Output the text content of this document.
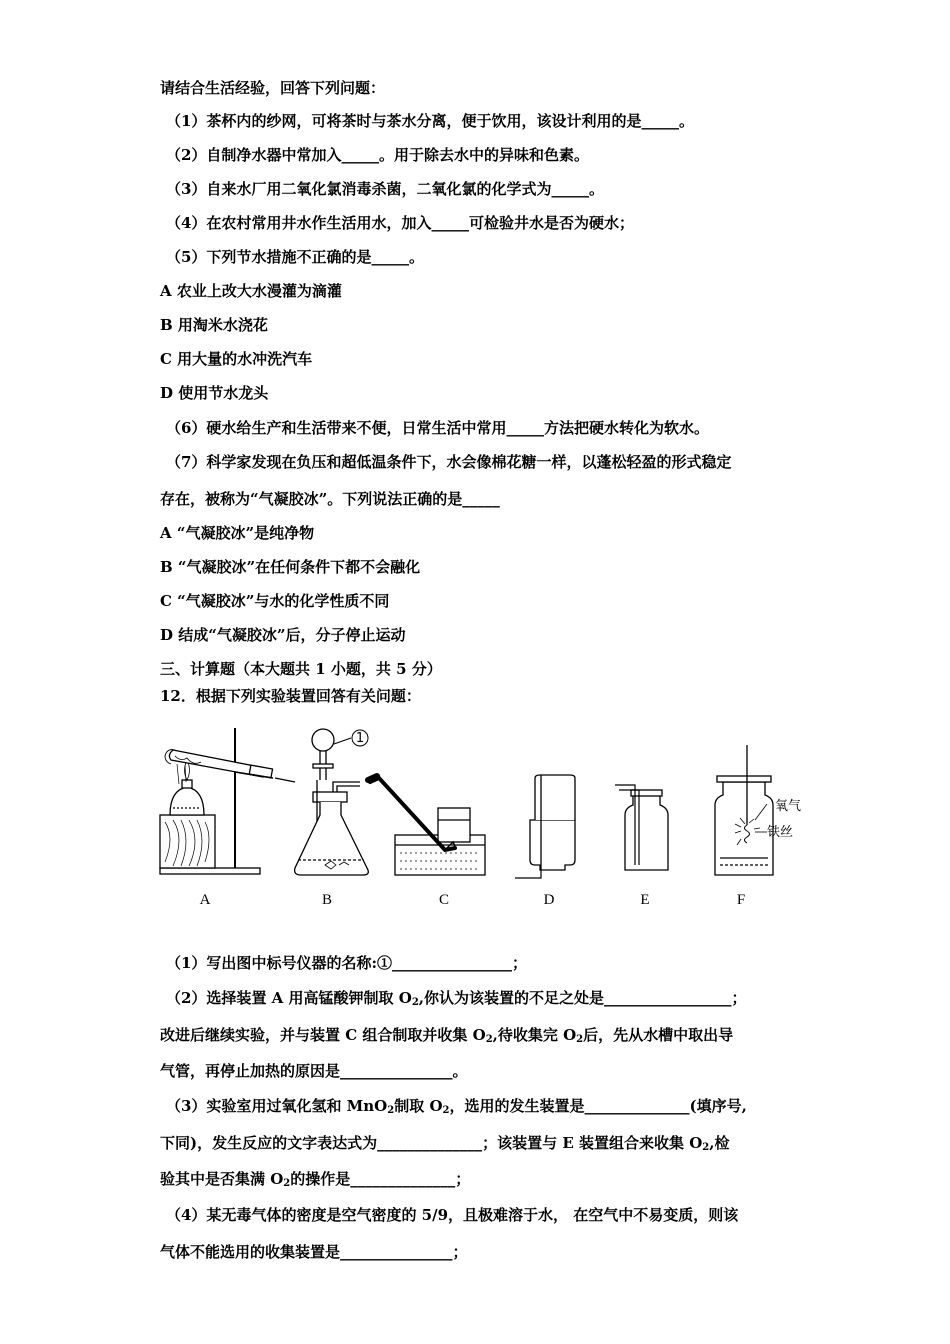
请结合生活经验，回答下列问题：
（1）茶杯内的纱网，可将茶时与茶水分离，便于饮用，该设计利用的是_____。
（2）自制净水器中常加入_____。用于除去水中的异味和色素。
（3）自来水厂用二氧化氯消毒杀菌，二氧化氯的化学式为_____。
（4）在农村常用井水作生活用水，加入_____可检验井水是否为硬水；
（5）下列节水措施不正确的是_____。
A 农业上改大水漫灌为滴灌
B 用淘米水浇花
C 用大量的水冲洗汽车
D 使用节水龙头
（6）硬水给生产和生活带来不便，日常生活中常用_____方法把硬水转化为软水。
（7）科学家发现在负压和超低温条件下，水会像棉花糖一样，以蓬松轻盈的形式稳定
存在，被称为“气凝胶冰”。下列说法正确的是_____
A “气凝胶冰”是纯净物
B “气凝胶冰”在任何条件下都不会融化
C “气凝胶冰”与水的化学性质不同
D 结成“气凝胶冰”后，分子停止运动
三、计算题（本大题共 1 小题，共 5 分）
12．根据下列实验装置回答有关问题：
1
氧气
铁丝
A	B	C	D	E	F
（1）写出图中标号仪器的名称:①________________；
（2）选择装置 A 用高锰酸钾制取 $O_2$,你认为该装置的不足之处是_________________；
改进后继续实验，并与装置 C 组合制取并收集 $O_2$,待收集完 $O_2$后，先从水槽中取出导
气管，再停止加热的原因是_______________。
（3）实验室用过氧化氢和 MnO$_2$制取 $O_2$，选用的发生装置是______________(填序号,
下同)，发生反应的文字表达式为______________；该装置与 E 装置组合来收集 $O_2$,检
验其中是否集满 $O_2$的操作是______________；
（4）某无毒气体的密度是空气密度的 5/9，且极难溶于水， 在空气中不易变质，则该
气体不能选用的收集装置是_______________；
